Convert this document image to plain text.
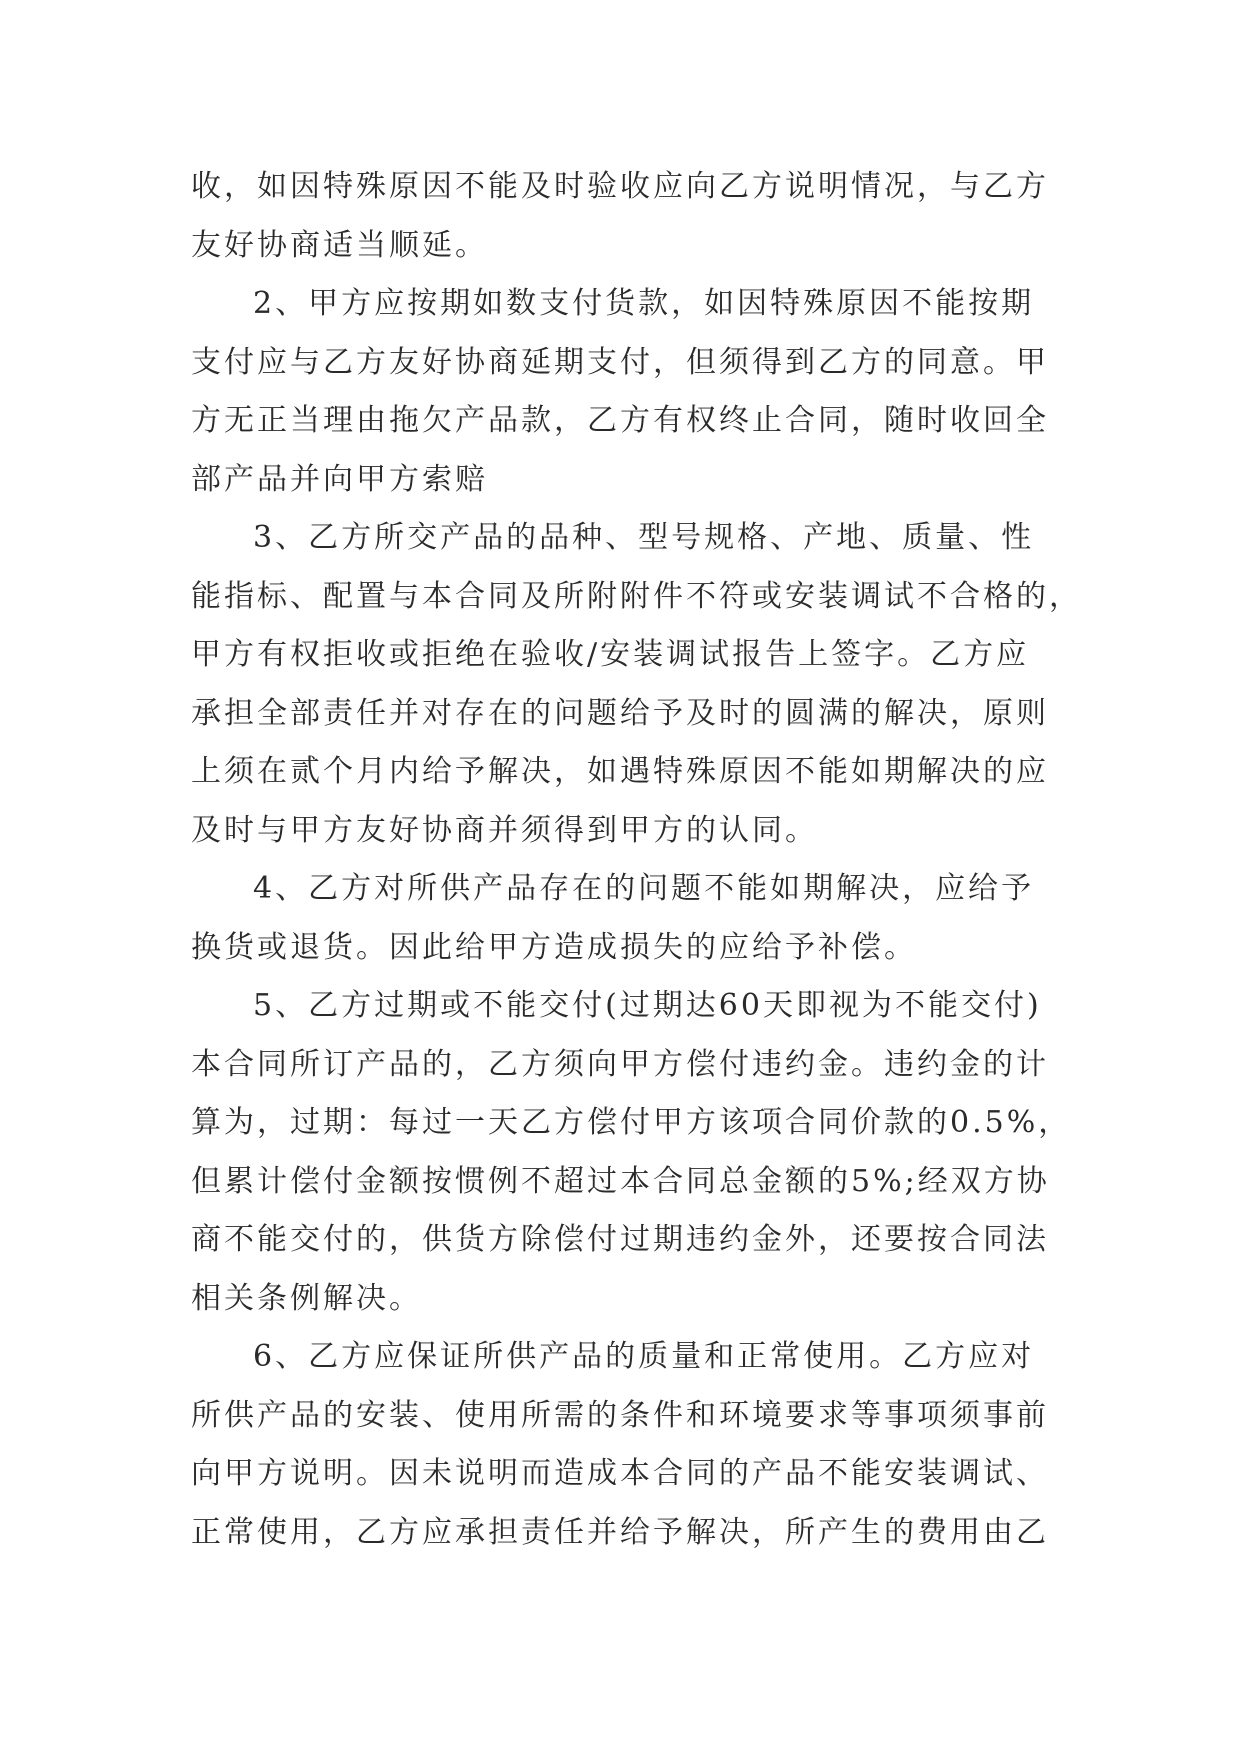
收，如因特殊原因不能及时验收应向乙方说明情况，与乙方
友好协商适当顺延。
2、甲方应按期如数支付货款，如因特殊原因不能按期
支付应与乙方友好协商延期支付，但须得到乙方的同意。甲
方无正当理由拖欠产品款，乙方有权终止合同，随时收回全
部产品并向甲方索赔
3、乙方所交产品的品种、型号规格、产地、质量、性
能指标、配置与本合同及所附附件不符或安装调试不合格的，
甲方有权拒收或拒绝在验收/安装调试报告上签字。乙方应
承担全部责任并对存在的问题给予及时的圆满的解决，原则
上须在贰个月内给予解决，如遇特殊原因不能如期解决的应
及时与甲方友好协商并须得到甲方的认同。
4、乙方对所供产品存在的问题不能如期解决，应给予
换货或退货。因此给甲方造成损失的应给予补偿。
5、乙方过期或不能交付(过期达60天即视为不能交付)
本合同所订产品的，乙方须向甲方偿付违约金。违约金的计
算为，过期：每过一天乙方偿付甲方该项合同价款的0.5%，
但累计偿付金额按惯例不超过本合同总金额的5%;经双方协
商不能交付的，供货方除偿付过期违约金外，还要按合同法
相关条例解决。
6、乙方应保证所供产品的质量和正常使用。乙方应对
所供产品的安装、使用所需的条件和环境要求等事项须事前
向甲方说明。因未说明而造成本合同的产品不能安装调试、
正常使用，乙方应承担责任并给予解决，所产生的费用由乙
